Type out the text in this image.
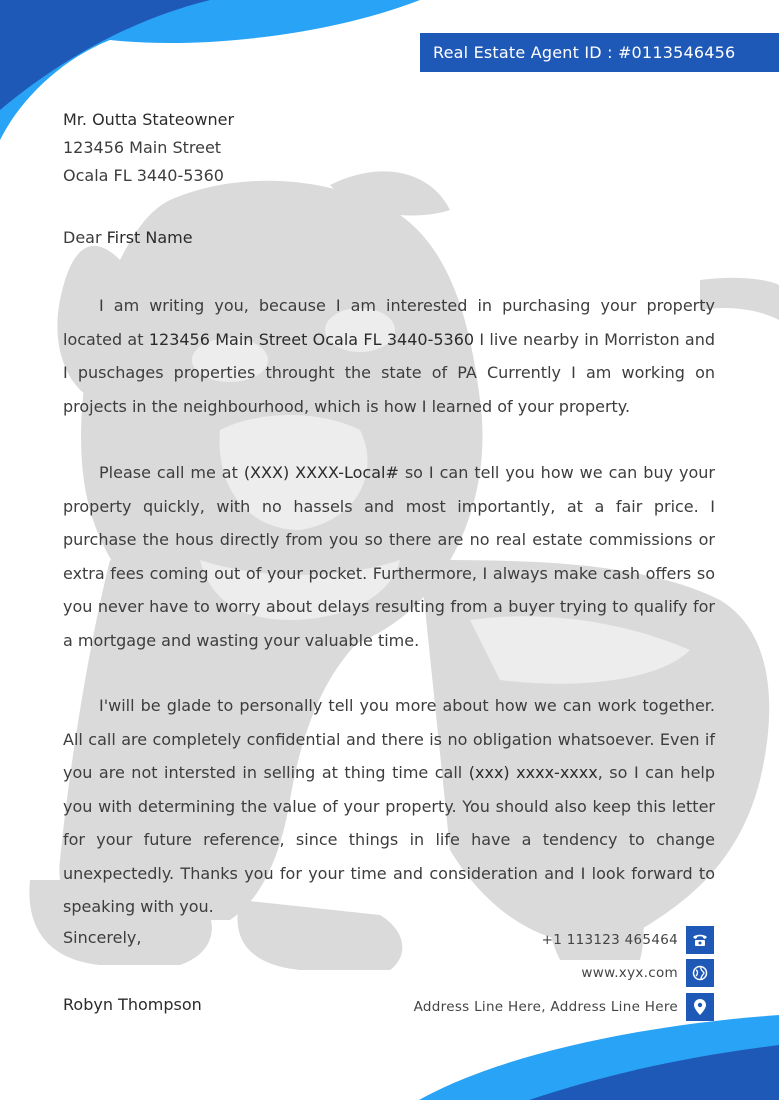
Real Estate Agent ID : #0113546456
Mr. Outta Stateowner
123456 Main Street
Ocala FL 3440-5360
Dear First Name

I am writing you, because I am interested in purchasing your property located at 123456 Main Street Ocala FL 3440-5360 I live nearby in Morriston and I puschages properties throught the state of PA Currently I am working on projects in the neighbourhood, which is how I learned of your property.

Please call me at (XXX) XXXX-Local# so I can tell you how we can buy your property quickly, with no hassels and most importantly, at a fair price. I purchase the hous directly from you so there are no real estate commissions or extra fees coming out of your pocket. Furthermore, I always make cash offers so you never have to worry about delays resulting from a buyer trying to qualify for a mortgage and wasting your valuable time.

I'will be glade to personally tell you more about how we can work together. All call are completely confidential and there is no obligation whatsoever. Even if you are not intersted in selling at thing time call (xxx) xxxx-xxxx, so I can help you with determining the value of your property. You should also keep this letter for your future reference, since things in life have a tendency to change unexpectedly. Thanks you for your time and consideration and I look forward to speaking with you.

Sincerely,
Robyn Thompson
+1 113123 465464
www.xyx.com
Address Line Here, Address Line Here
